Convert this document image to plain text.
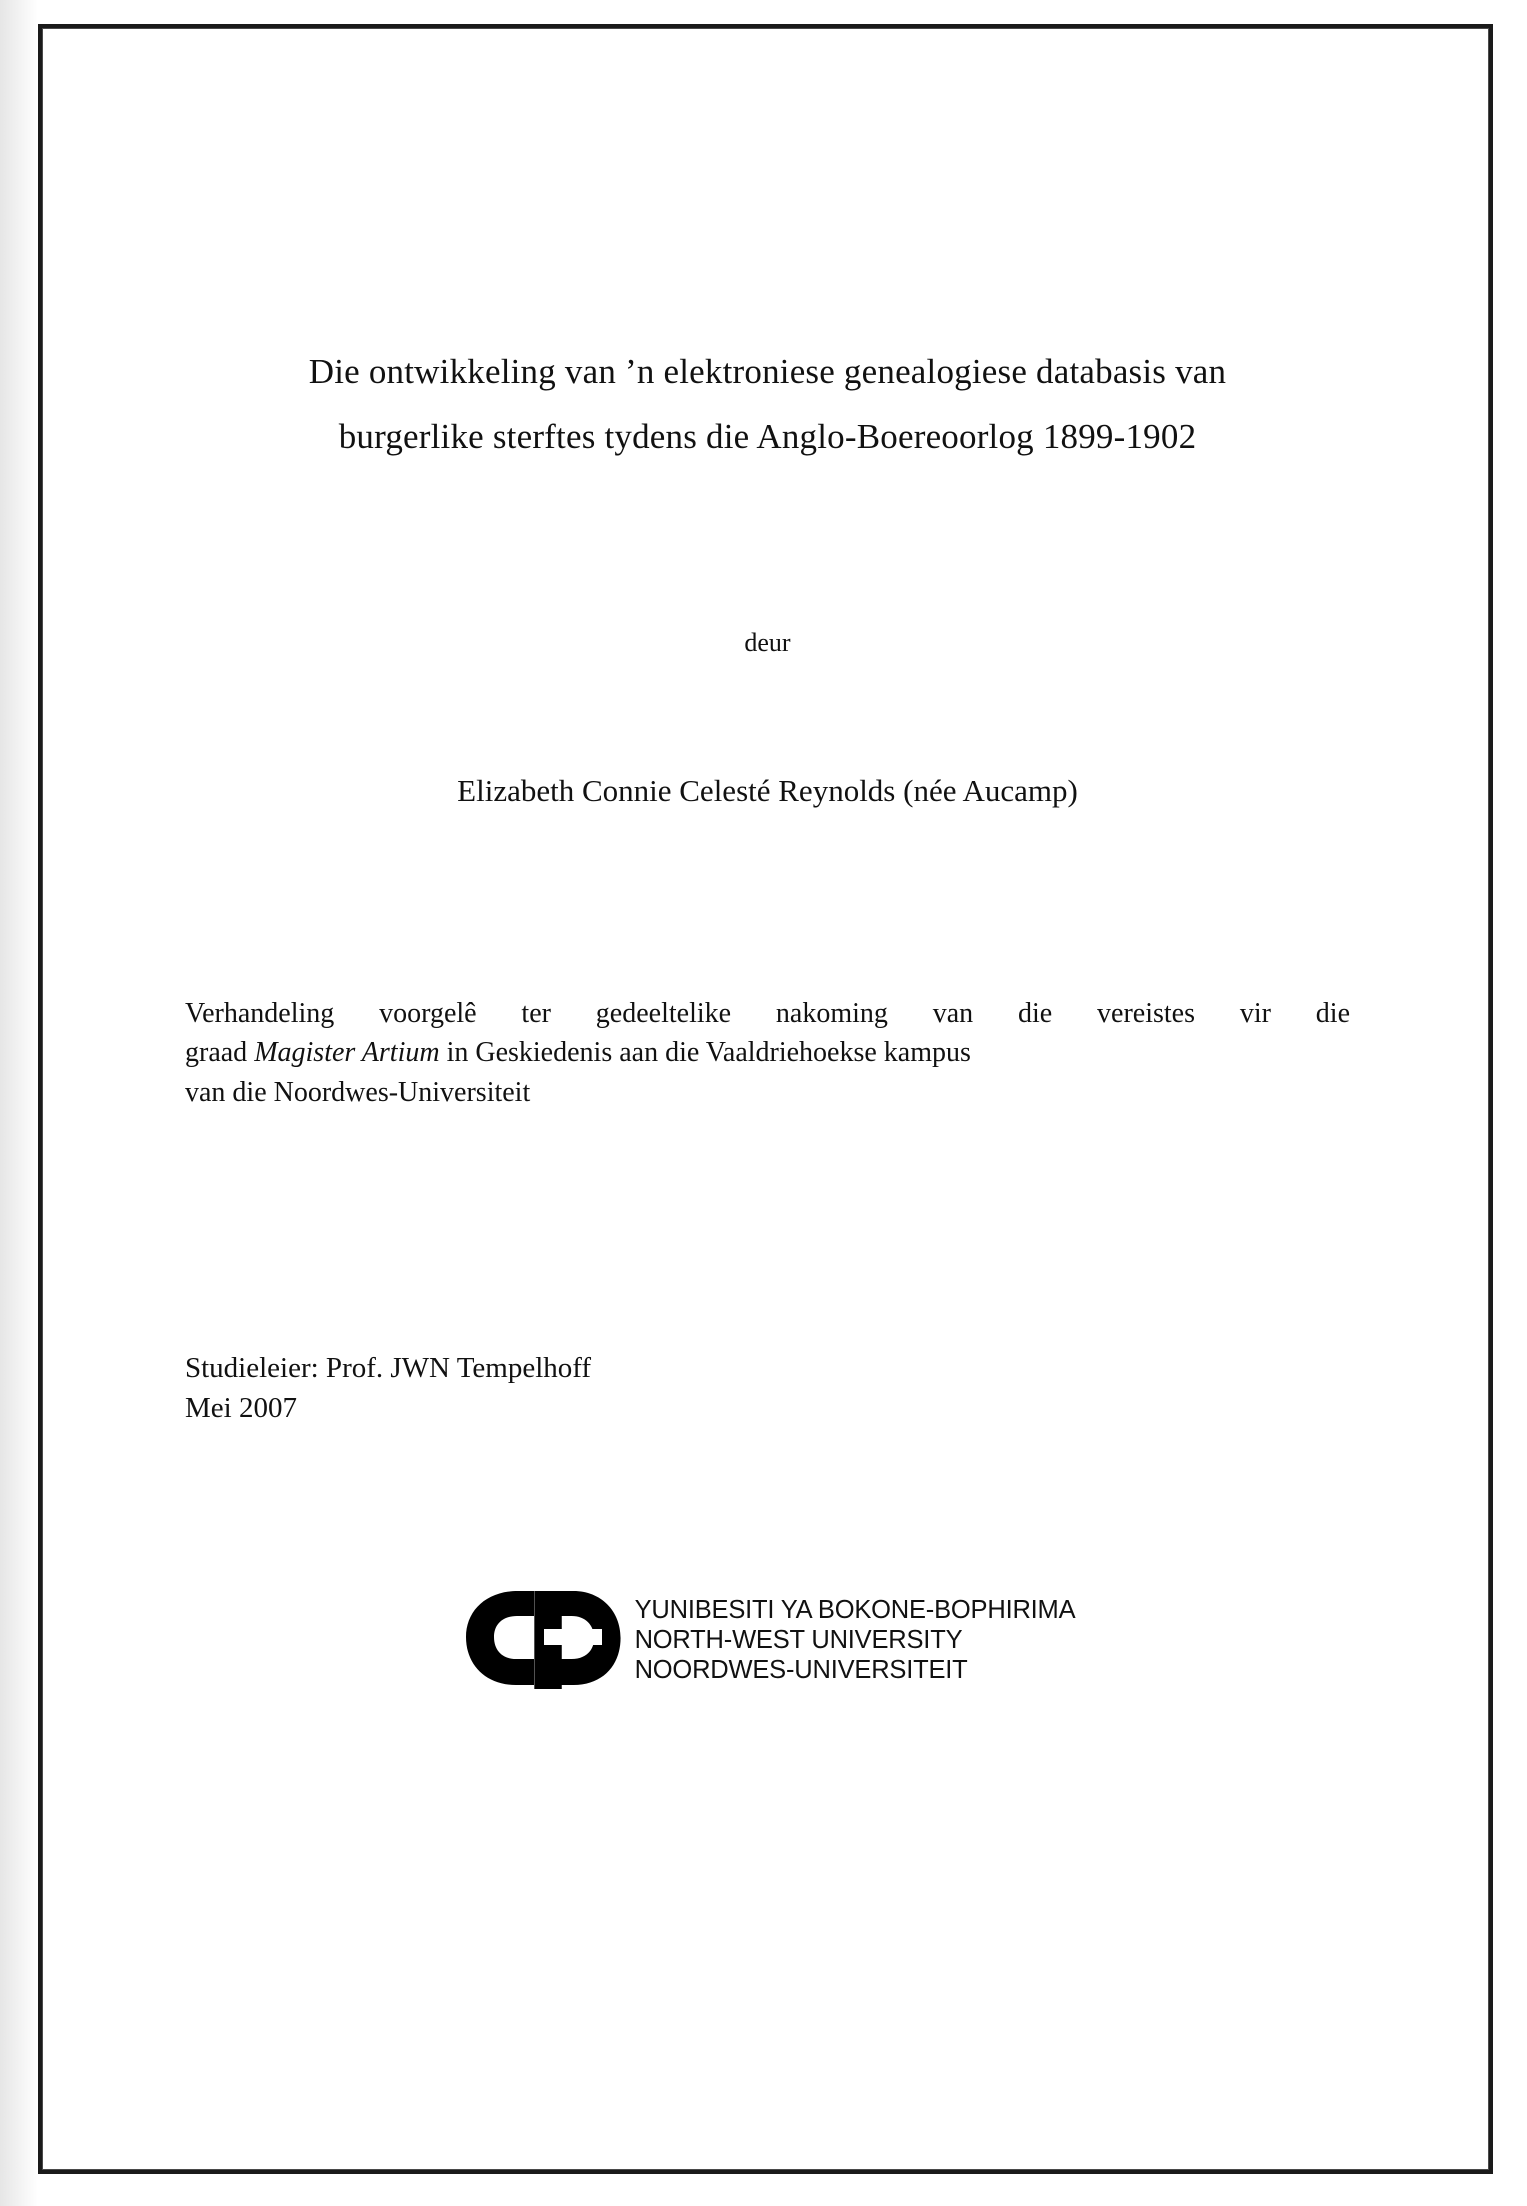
Die ontwikkeling van ’n elektroniese genealogiese databasis van
burgerlike sterftes tydens die Anglo-Boereoorlog 1899-1902
deur
Elizabeth Connie Celesté Reynolds (née Aucamp)
Verhandeling voorgelê ter gedeeltelike nakoming van die vereistes vir die
graad Magister Artium in Geskiedenis aan die Vaaldriehoekse kampus
van die Noordwes-Universiteit
Studieleier: Prof. JWN Tempelhoff
Mei 2007
YUNIBESITI YA BOKONE-BOPHIRIMA
NORTH-WEST UNIVERSITY
NOORDWES-UNIVERSITEIT
